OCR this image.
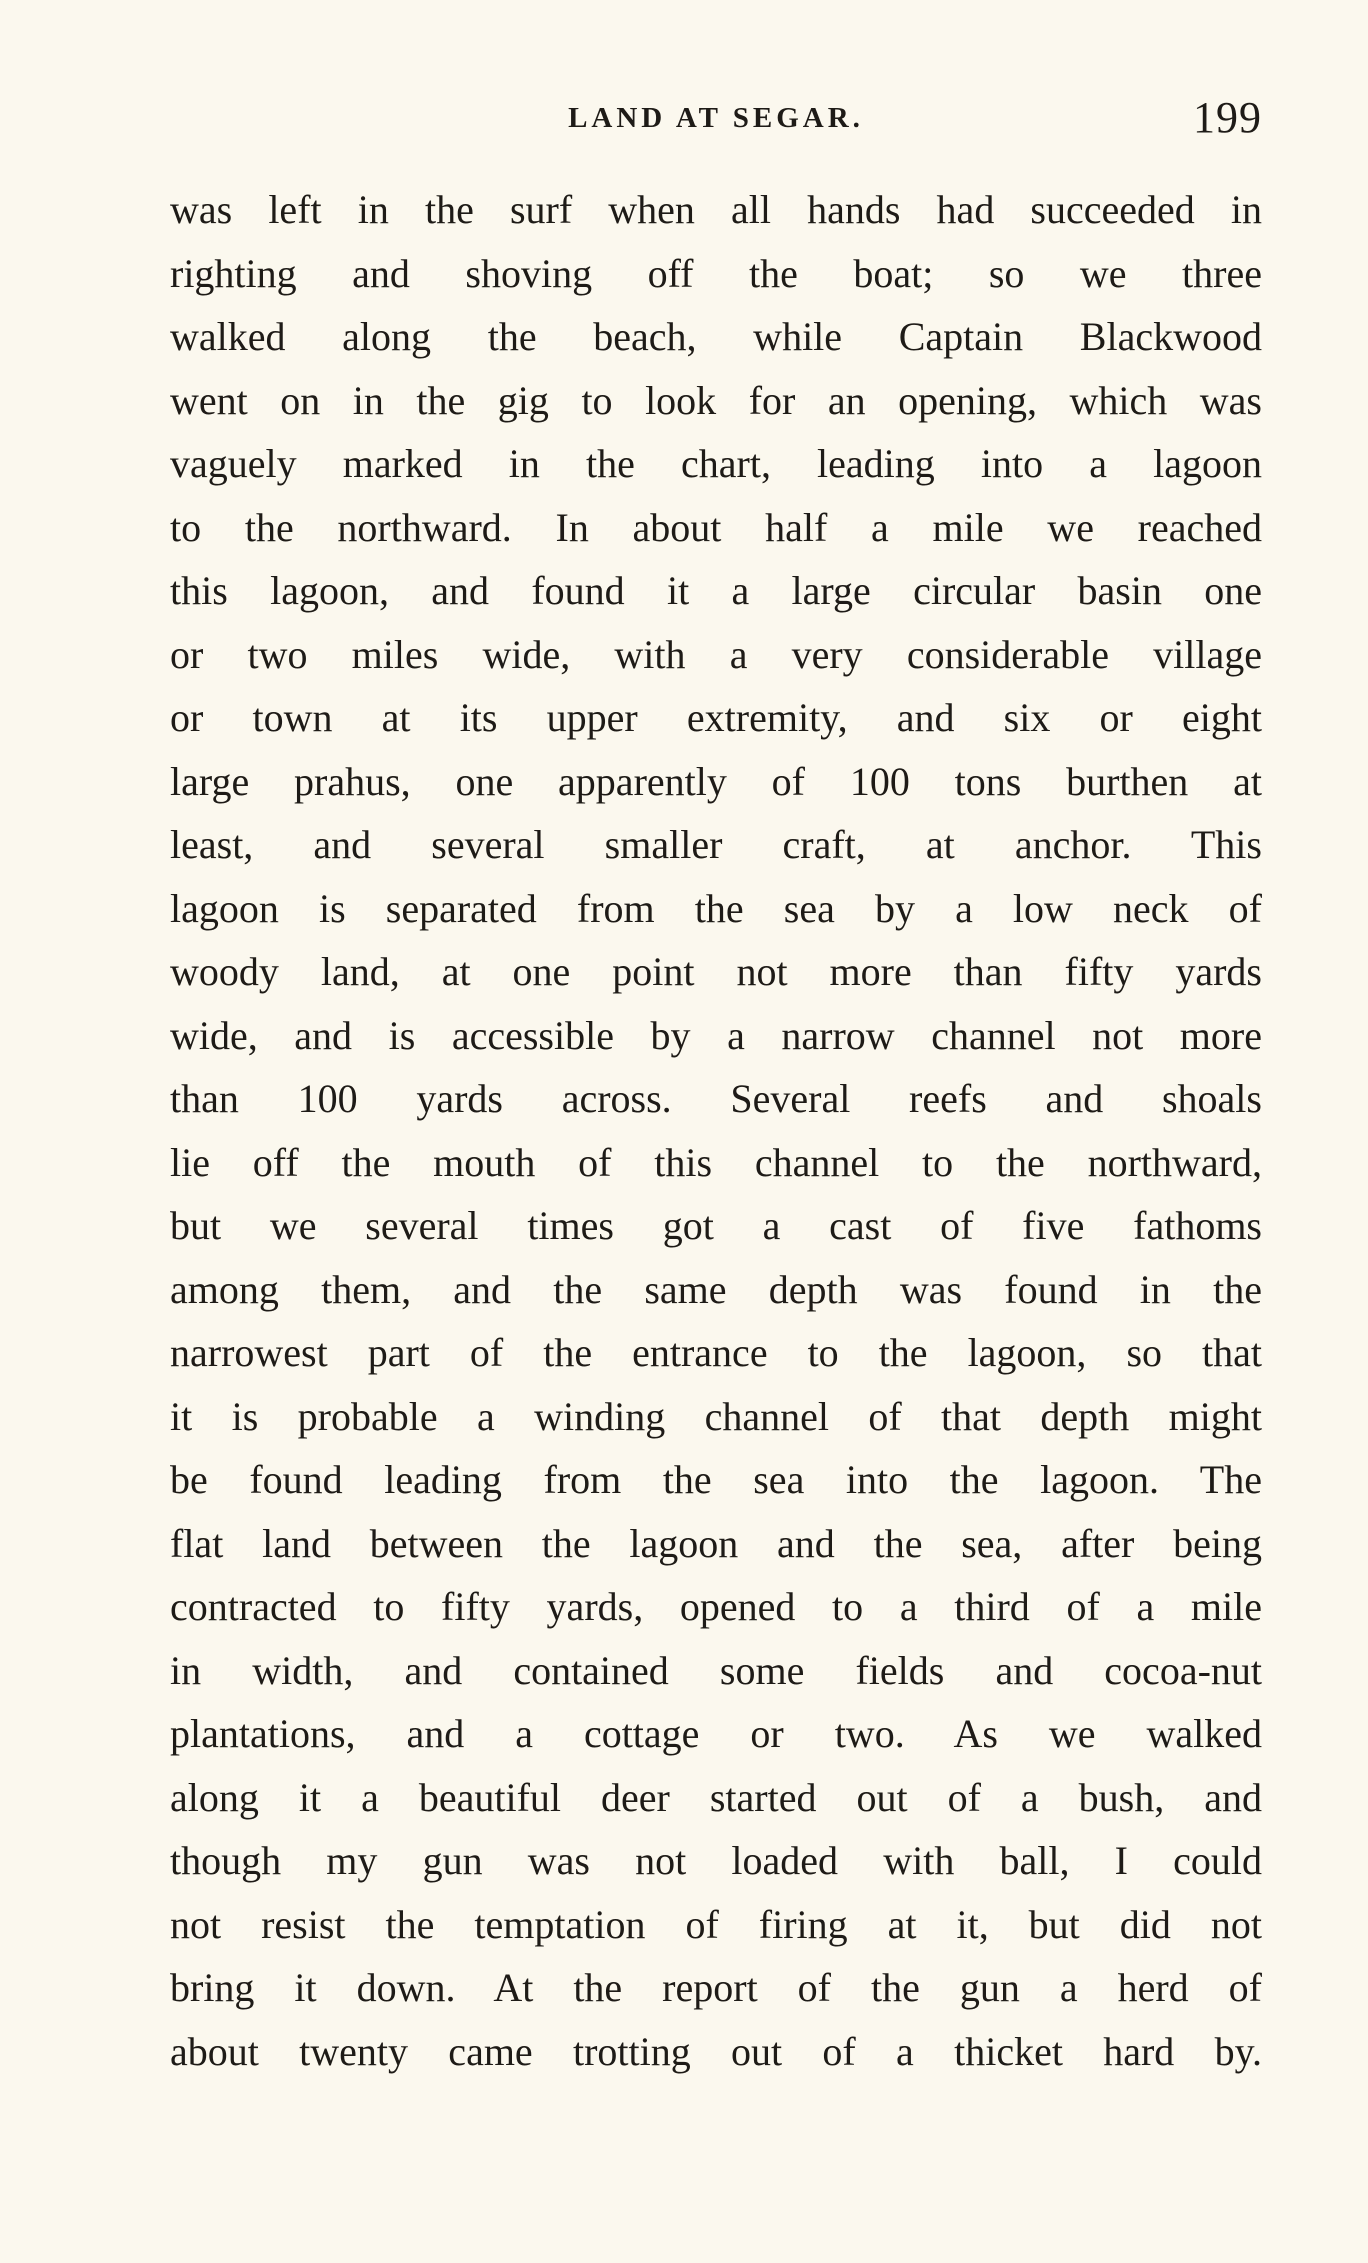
LAND AT SEGAR.	199
was left in the surf when all hands had succeeded in
righting and shoving off the boat; so we three
walked along the beach, while Captain Blackwood
went on in the gig to look for an opening, which was
vaguely marked in the chart, leading into a lagoon
to the northward. In about half a mile we reached
this lagoon, and found it a large circular basin one
or two miles wide, with a very considerable village
or town at its upper extremity, and six or eight
large prahus, one apparently of 100 tons burthen at
least, and several smaller craft, at anchor. This
lagoon is separated from the sea by a low neck of
woody land, at one point not more than fifty yards
wide, and is accessible by a narrow channel not more
than 100 yards across. Several reefs and shoals
lie off the mouth of this channel to the northward,
but we several times got a cast of five fathoms
among them, and the same depth was found in the
narrowest part of the entrance to the lagoon, so that
it is probable a winding channel of that depth might
be found leading from the sea into the lagoon. The
flat land between the lagoon and the sea, after being
contracted to fifty yards, opened to a third of a mile
in width, and contained some fields and cocoa-nut
plantations, and a cottage or two. As we walked
along it a beautiful deer started out of a bush, and
though my gun was not loaded with ball, I could
not resist the temptation of firing at it, but did not
bring it down. At the report of the gun a herd of
about twenty came trotting out of a thicket hard by.
